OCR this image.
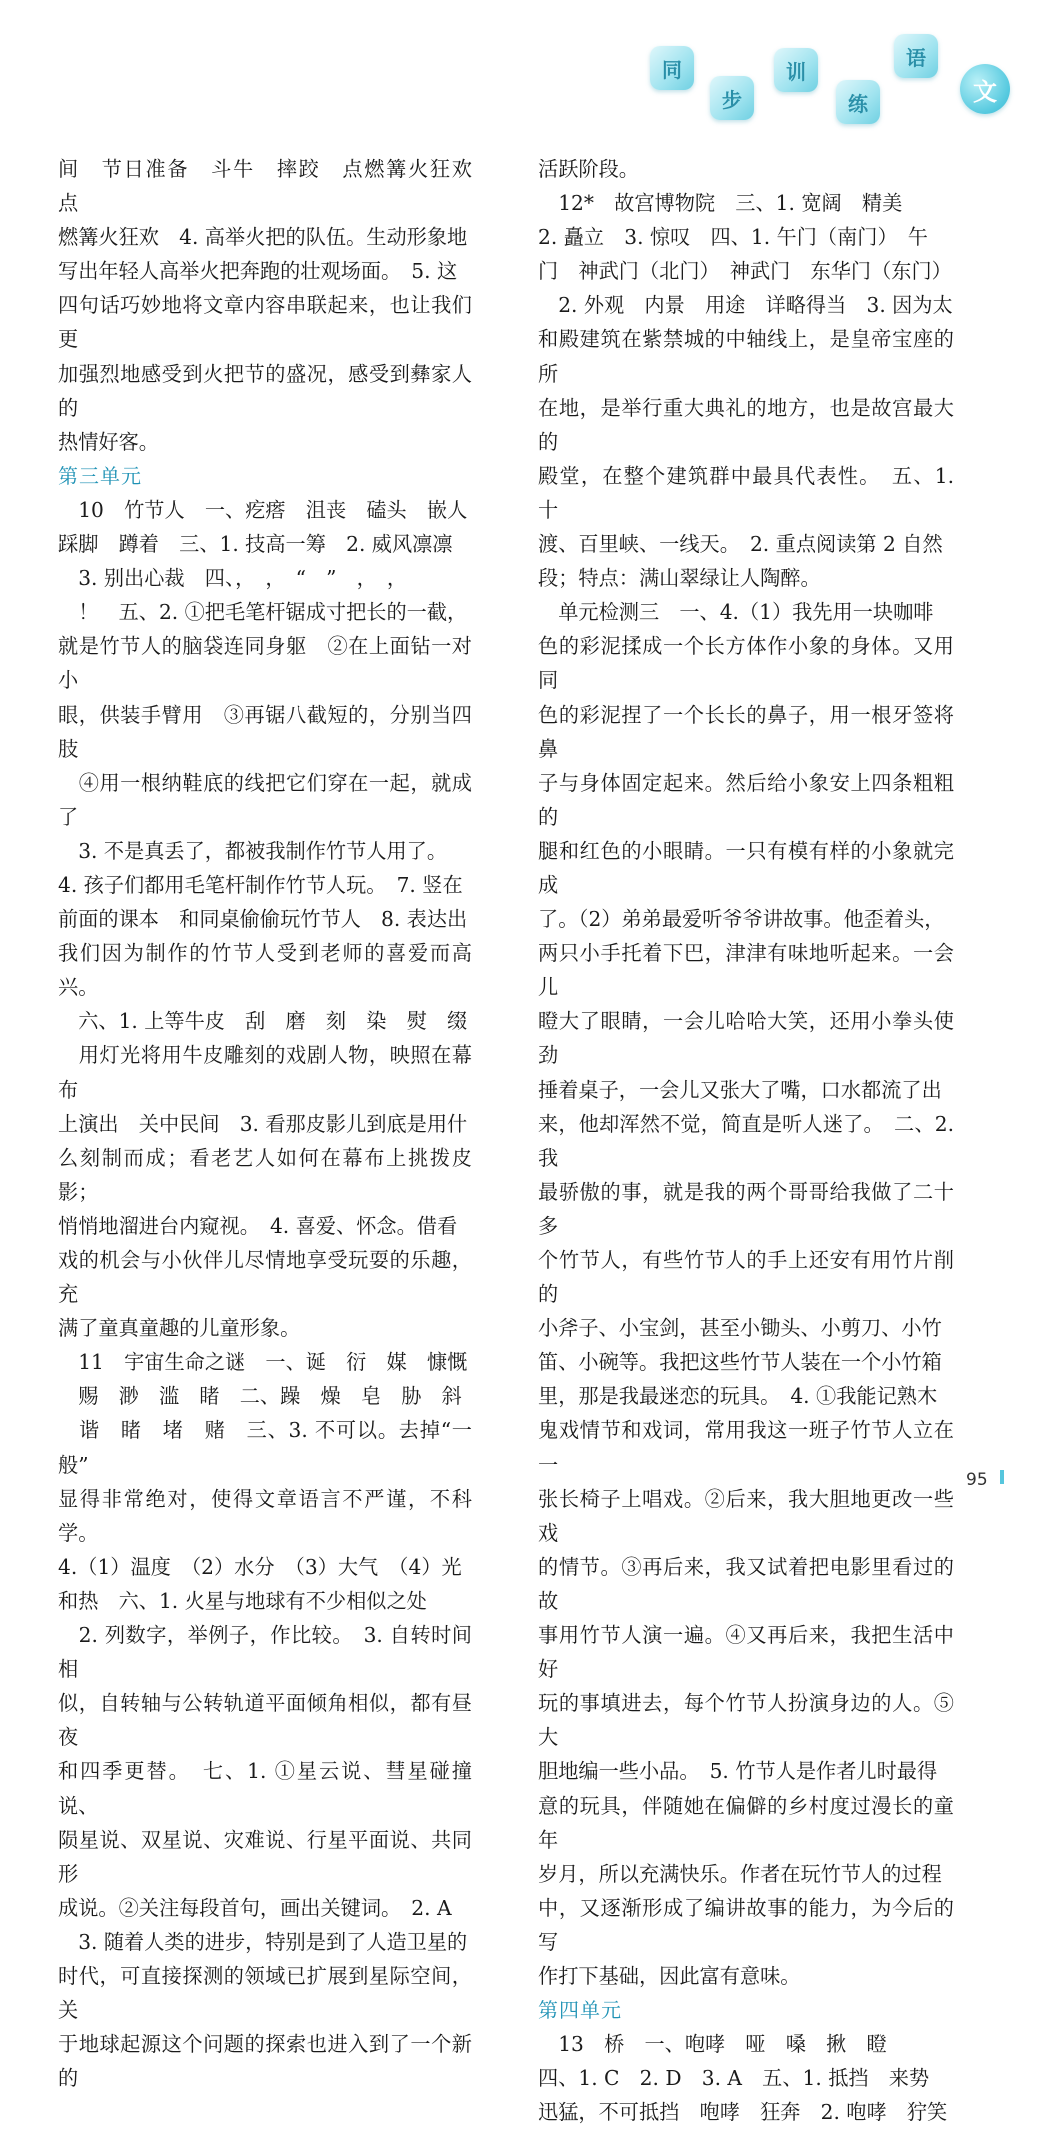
同
步
训
练
语
文

间　节日准备　斗牛　摔跤　点燃篝火狂欢　点

燃篝火狂欢　4. 高举火把的队伍。生动形象地

写出年轻人高举火把奔跑的壮观场面。　5. 这

四句话巧妙地将文章内容串联起来，也让我们更

加强烈地感受到火把节的盛况，感受到彝家人的

热情好客。

第三单元

　10　竹节人　一、疙瘩　沮丧　磕头　嵌人

踩脚　蹲着　三、1. 技高一筹　2. 威风凛凛

　3. 别出心裁　四、，　，　“　”　，　，

　！　五、2. ①把毛笔杆锯成寸把长的一截，

就是竹节人的脑袋连同身躯　②在上面钻一对小

眼，供装手臂用　③再锯八截短的，分别当四肢

　④用一根纳鞋底的线把它们穿在一起，就成了

　3. 不是真丢了，都被我制作竹节人用了。

4. 孩子们都用毛笔杆制作竹节人玩。　7. 竖在

前面的课本　和同桌偷偷玩竹节人　8. 表达出

我们因为制作的竹节人受到老师的喜爱而高兴。

　六、1. 上等牛皮　刮　磨　刻　染　熨　缀

　用灯光将用牛皮雕刻的戏剧人物，映照在幕布

上演出　关中民间　3. 看那皮影儿到底是用什

么刻制而成；看老艺人如何在幕布上挑拨皮影；

悄悄地溜进台内窥视。　4. 喜爱、怀念。借看

戏的机会与小伙伴儿尽情地享受玩耍的乐趣，充

满了童真童趣的儿童形象。

　11　宇宙生命之谜　一、诞　衍　媒　慷慨

　赐　渺　滥　睹　二、躁　燥　皂　胁　斜

　谐　睹　堵　赌　三、3. 不可以。去掉“一般”

显得非常绝对，使得文章语言不严谨，不科学。

4.（1）温度　（2）水分　（3）大气　（4）光

和热　六、1. 火星与地球有不少相似之处

　2. 列数字，举例子，作比较。　3. 自转时间相

似，自转轴与公转轨道平面倾角相似，都有昼夜

和四季更替。　七、1. ①星云说、彗星碰撞说、

陨星说、双星说、灾难说、行星平面说、共同形

成说。②关注每段首句，画出关键词。　2. A

　3. 随着人类的进步，特别是到了人造卫星的

时代，可直接探测的领域已扩展到星际空间，关

于地球起源这个问题的探索也进入到了一个新的

活跃阶段。

　12*　故宫博物院　三、1. 宽阔　精美

2. 矗立　3. 惊叹　四、1. 午门（南门）　午

门　神武门（北门）　神武门　东华门（东门）

　2. 外观　内景　用途　详略得当　3. 因为太

和殿建筑在紫禁城的中轴线上，是皇帝宝座的所

在地，是举行重大典礼的地方，也是故宫最大的

殿堂，在整个建筑群中最具代表性。　五、1. 十

渡、百里峡、一线天。　2. 重点阅读第 2 自然

段；特点：满山翠绿让人陶醉。

　单元检测三　一、4.（1）我先用一块咖啡

色的彩泥揉成一个长方体作小象的身体。又用同

色的彩泥捏了一个长长的鼻子，用一根牙签将鼻

子与身体固定起来。然后给小象安上四条粗粗的

腿和红色的小眼睛。一只有模有样的小象就完成

了。（2）弟弟最爱听爷爷讲故事。他歪着头，

两只小手托着下巴，津津有味地听起来。一会儿

瞪大了眼睛，一会儿哈哈大笑，还用小拳头使劲

捶着桌子，一会儿又张大了嘴，口水都流了出

来，他却浑然不觉，简直是听人迷了。　二、2. 我

最骄傲的事，就是我的两个哥哥给我做了二十多

个竹节人，有些竹节人的手上还安有用竹片削的

小斧子、小宝剑，甚至小锄头、小剪刀、小竹

笛、小碗等。我把这些竹节人装在一个小竹箱

里，那是我最迷恋的玩具。　4. ①我能记熟木

鬼戏情节和戏词，常用我这一班子竹节人立在一

张长椅子上唱戏。②后来，我大胆地更改一些戏

的情节。③再后来，我又试着把电影里看过的故

事用竹节人演一遍。④又再后来，我把生活中好

玩的事填进去，每个竹节人扮演身边的人。⑤大

胆地编一些小品。　5. 竹节人是作者儿时最得

意的玩具，伴随她在偏僻的乡村度过漫长的童年

岁月，所以充满快乐。作者在玩竹节人的过程

中，又逐渐形成了编讲故事的能力，为今后的写

作打下基础，因此富有意味。

第四单元

　13　桥　一、咆哮　哑　嗓　揪　瞪

四、1. C　2. D　3. A　五、1. 抵挡　来势

迅猛，不可抵挡　咆哮　狂奔　2. 咆哮　狞笑

95
